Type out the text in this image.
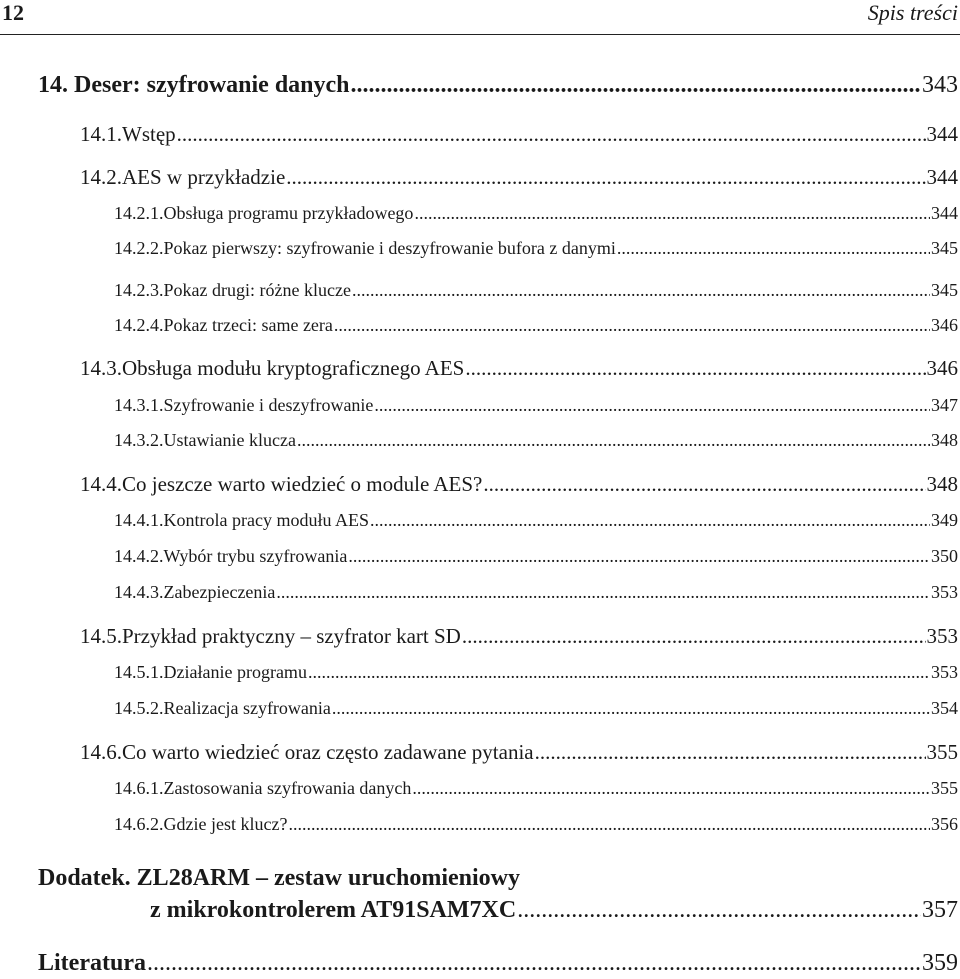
12	Spis treści
14. Deser: szyfrowanie danych .....	343
14.1. Wstęp .....	344
14.2. AES w przykładzie .....	344
14.2.1. Obsługa programu przykładowego .....	344
14.2.2. Pokaz pierwszy: szyfrowanie i deszyfrowanie bufora z danymi .....	345
14.2.3. Pokaz drugi: różne klucze .....	345
14.2.4. Pokaz trzeci: same zera .....	346
14.3. Obsługa modułu kryptograficznego AES .....	346
14.3.1. Szyfrowanie i deszyfrowanie .....	347
14.3.2. Ustawianie klucza .....	348
14.4. Co jeszcze warto wiedzieć o module AES? .....	348
14.4.1. Kontrola pracy modułu AES .....	349
14.4.2. Wybór trybu szyfrowania .....	350
14.4.3. Zabezpieczenia .....	353
14.5. Przykład praktyczny – szyfrator kart SD .....	353
14.5.1. Działanie programu .....	353
14.5.2. Realizacja szyfrowania .....	354
14.6. Co warto wiedzieć oraz często zadawane pytania .....	355
14.6.1. Zastosowania szyfrowania danych .....	355
14.6.2. Gdzie jest klucz? .....	356
Dodatek. ZL28ARM – zestaw uruchomieniowy
z mikrokontrolerem AT91SAM7XC .....	357
Literatura .....	359
